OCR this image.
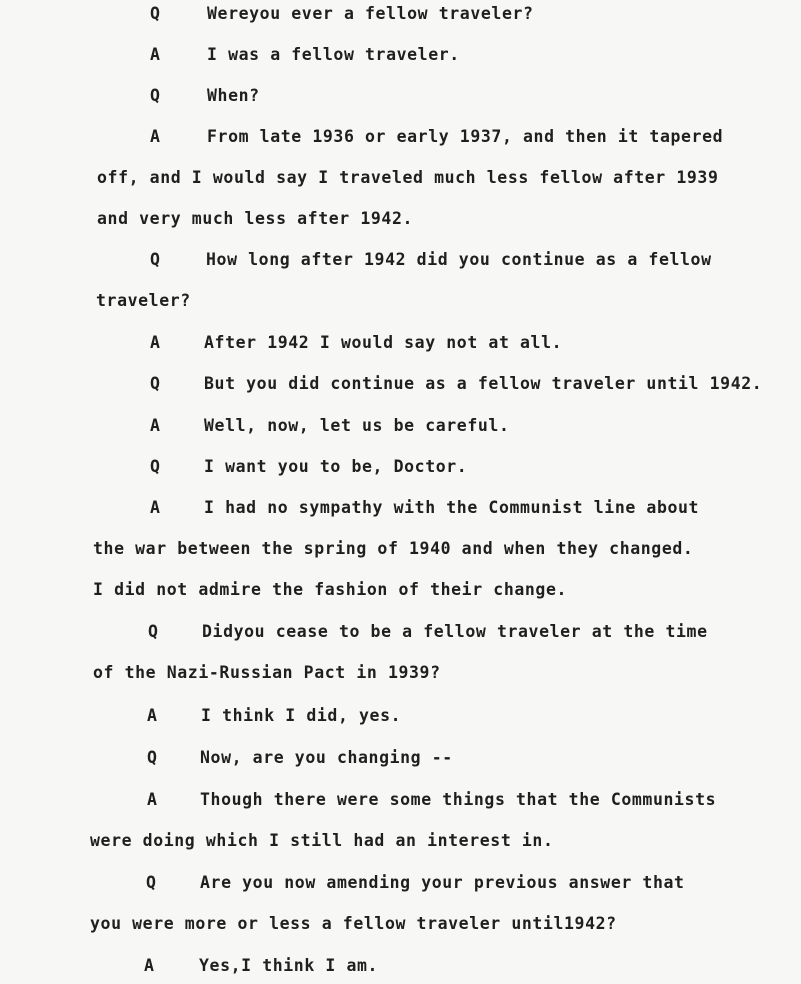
Q	Wereyou ever a fellow traveler?
A	I was a fellow traveler.
Q	When?
A	From late 1936 or early 1937, and then it tapered
off, and I would say I traveled much less fellow after 1939
and very much less after 1942.
Q	How long after 1942 did you continue as a fellow
traveler?
A	After 1942 I would say not at all.
Q	But you did continue as a fellow traveler until 1942.
A	Well, now, let us be careful.
Q	I want you to be, Doctor.
A	I had no sympathy with the Communist line about
the war between the spring of 1940 and when they changed.
I did not admire the fashion of their change.
Q	Didyou cease to be a fellow traveler at the time
of the Nazi-Russian Pact in 1939?
A	I think I did, yes.
Q	Now, are you changing --
A	Though there were some things that the Communists
were doing which I still had an interest in.
Q	Are you now amending your previous answer that
you were more or less a fellow traveler until1942?
A	Yes,I think I am.
